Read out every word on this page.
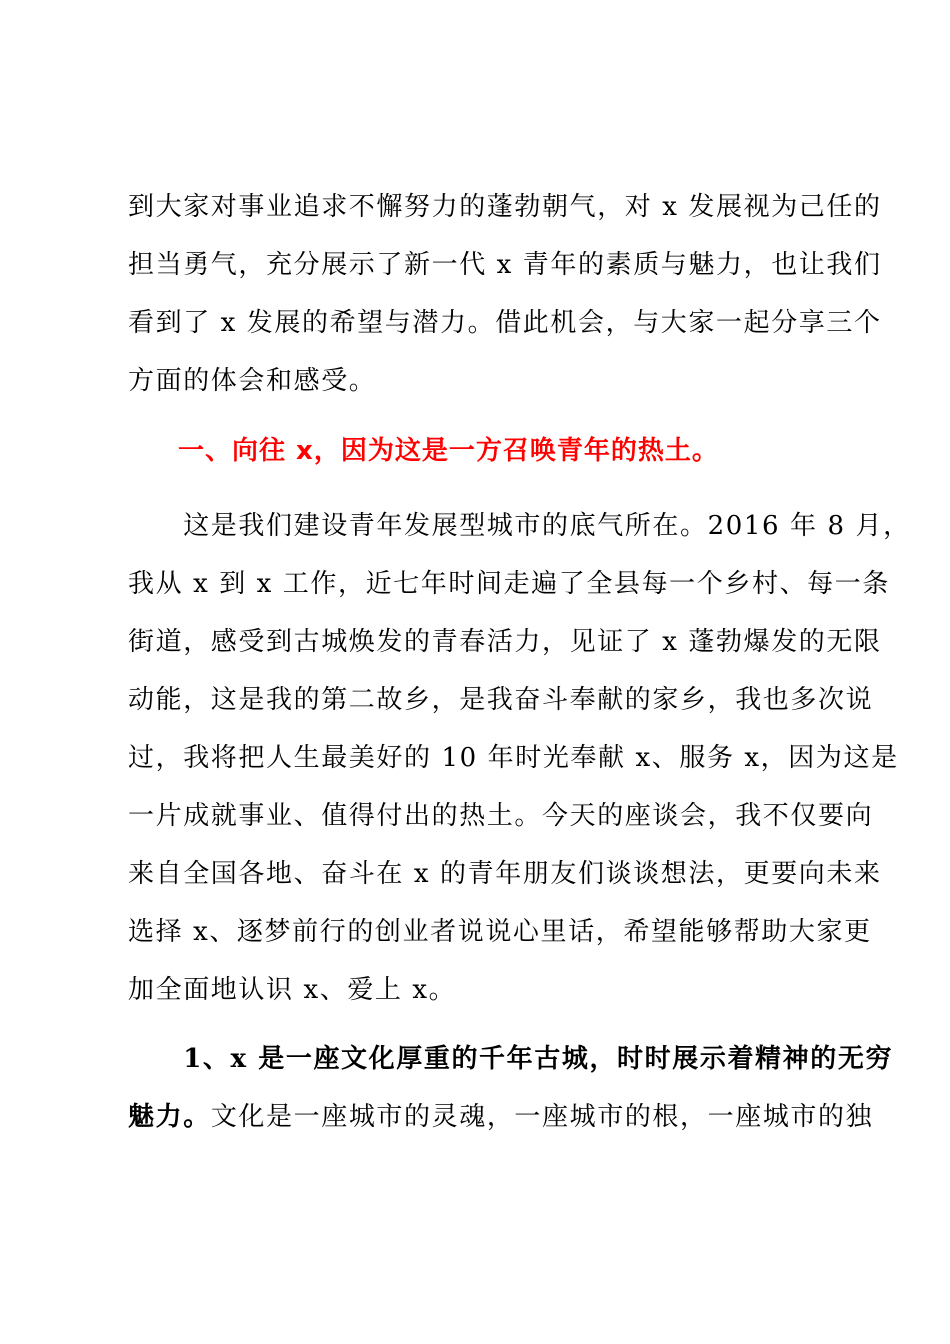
到大家对事业追求不懈努力的蓬勃朝气，对 x 发展视为己任的
担当勇气，充分展示了新一代 x 青年的素质与魅力，也让我们
看到了 x 发展的希望与潜力。借此机会，与大家一起分享三个
方面的体会和感受。
一、向往 x，因为这是一方召唤青年的热土。
　　这是我们建设青年发展型城市的底气所在。2016 年 8 月，
我从 x 到 x 工作，近七年时间走遍了全县每一个乡村、每一条
街道，感受到古城焕发的青春活力，见证了 x 蓬勃爆发的无限
动能，这是我的第二故乡，是我奋斗奉献的家乡，我也多次说
过，我将把人生最美好的 10 年时光奉献 x、服务 x，因为这是
一片成就事业、值得付出的热土。今天的座谈会，我不仅要向
来自全国各地、奋斗在 x 的青年朋友们谈谈想法，更要向未来
选择 x、逐梦前行的创业者说说心里话，希望能够帮助大家更
加全面地认识 x、爱上 x。
　　1、x 是一座文化厚重的千年古城，时时展示着精神的无穷
魅力。文化是一座城市的灵魂，一座城市的根，一座城市的独
